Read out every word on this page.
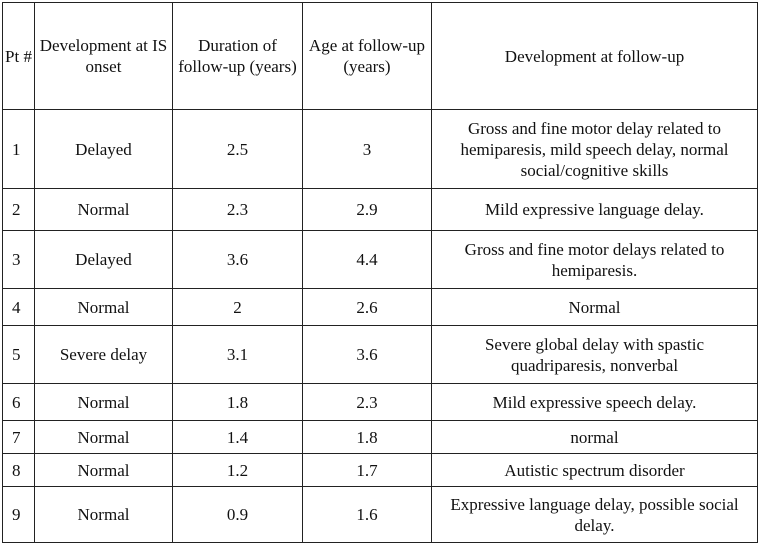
Pt #	Development at IS onset	Duration of follow-up (years)	Age at follow-up (years)	Development at follow-up
1	Delayed	2.5	3	Gross and fine motor delay related to hemiparesis, mild speech delay, normal social/cognitive skills
2	Normal	2.3	2.9	Mild expressive language delay.
3	Delayed	3.6	4.4	Gross and fine motor delays related to hemiparesis.
4	Normal	2	2.6	Normal
5	Severe delay	3.1	3.6	Severe global delay with spastic quadriparesis, nonverbal
6	Normal	1.8	2.3	Mild expressive speech delay.
7	Normal	1.4	1.8	normal
8	Normal	1.2	1.7	Autistic spectrum disorder
9	Normal	0.9	1.6	Expressive language delay, possible social delay.
